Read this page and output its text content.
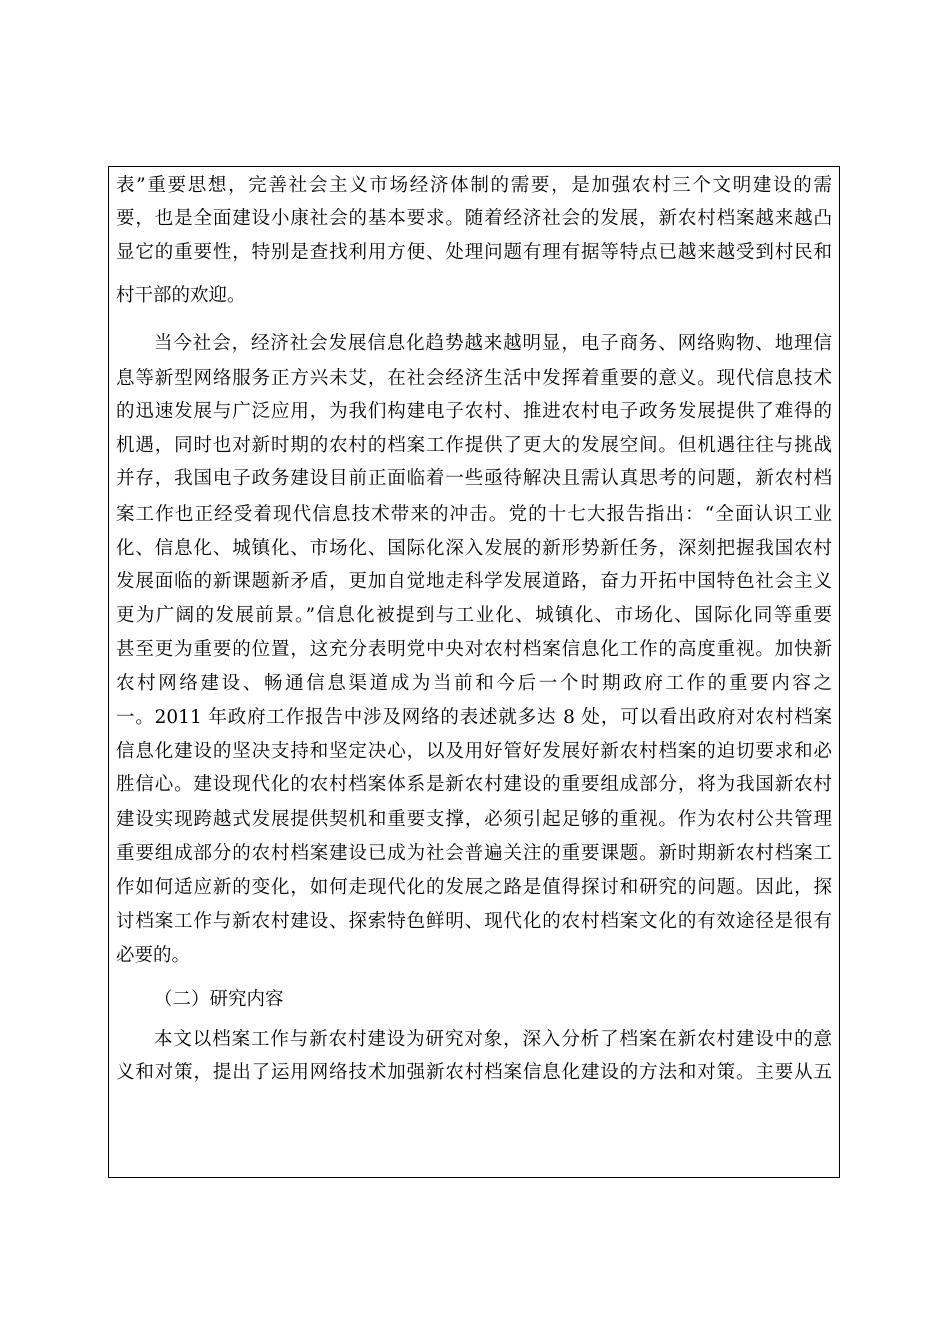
表”重要思想，完善社会主义市场经济体制的需要，是加强农村三个文明建设的需
要，也是全面建设小康社会的基本要求。随着经济社会的发展，新农村档案越来越凸
显它的重要性，特别是查找利用方便、处理问题有理有据等特点已越来越受到村民和
村干部的欢迎。
当今社会，经济社会发展信息化趋势越来越明显，电子商务、网络购物、地理信
息等新型网络服务正方兴未艾，在社会经济生活中发挥着重要的意义。现代信息技术
的迅速发展与广泛应用，为我们构建电子农村、推进农村电子政务发展提供了难得的
机遇，同时也对新时期的农村的档案工作提供了更大的发展空间。但机遇往往与挑战
并存，我国电子政务建设目前正面临着一些亟待解决且需认真思考的问题，新农村档
案工作也正经受着现代信息技术带来的冲击。党的十七大报告指出：“全面认识工业
化、信息化、城镇化、市场化、国际化深入发展的新形势新任务，深刻把握我国农村
发展面临的新课题新矛盾，更加自觉地走科学发展道路，奋力开拓中国特色社会主义
更为广阔的发展前景。”信息化被提到与工业化、城镇化、市场化、国际化同等重要
甚至更为重要的位置，这充分表明党中央对农村档案信息化工作的高度重视。加快新
农村网络建设、畅通信息渠道成为当前和今后一个时期政府工作的重要内容之
一。2011 年政府工作报告中涉及网络的表述就多达 8 处，可以看出政府对农村档案
信息化建设的坚决支持和坚定决心，以及用好管好发展好新农村档案的迫切要求和必
胜信心。建设现代化的农村档案体系是新农村建设的重要组成部分，将为我国新农村
建设实现跨越式发展提供契机和重要支撑，必须引起足够的重视。作为农村公共管理
重要组成部分的农村档案建设已成为社会普遍关注的重要课题。新时期新农村档案工
作如何适应新的变化，如何走现代化的发展之路是值得探讨和研究的问题。因此，探
讨档案工作与新农村建设、探索特色鲜明、现代化的农村档案文化的有效途径是很有
必要的。
（二）研究内容
本文以档案工作与新农村建设为研究对象，深入分析了档案在新农村建设中的意
义和对策，提出了运用网络技术加强新农村档案信息化建设的方法和对策。主要从五
